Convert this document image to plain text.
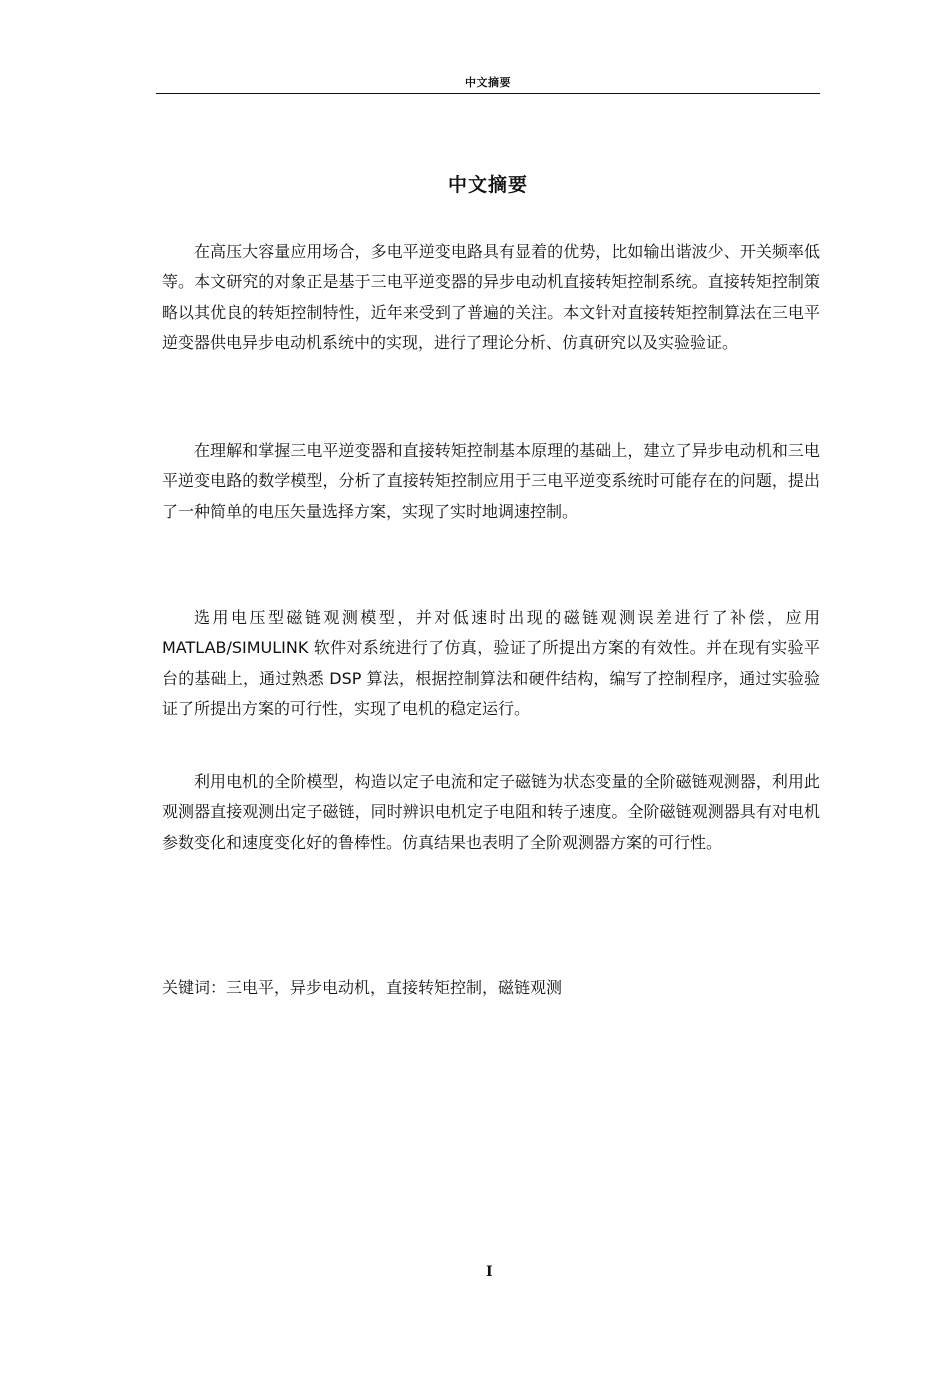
中文摘要
中文摘要

在高压大容量应用场合，多电平逆变电路具有显着的优势，比如输出谐波少、开关频率低等。本文研究的对象正是基于三电平逆变器的异步电动机直接转矩控制系统。直接转矩控制策略以其优良的转矩控制特性，近年来受到了普遍的关注。本文针对直接转矩控制算法在三电平逆变器供电异步电动机系统中的实现，进行了理论分析、仿真研究以及实验验证。

在理解和掌握三电平逆变器和直接转矩控制基本原理的基础上，建立了异步电动机和三电平逆变电路的数学模型，分析了直接转矩控制应用于三电平逆变系统时可能存在的问题，提出了一种简单的电压矢量选择方案，实现了实时地调速控制。

选用电压型磁链观测模型，并对低速时出现的磁链观测误差进行了补偿，应用 MATLAB/SIMULINK 软件对系统进行了仿真，验证了所提出方案的有效性。并在现有实验平台的基础上，通过熟悉 DSP 算法，根据控制算法和硬件结构，编写了控制程序，通过实验验证了所提出方案的可行性，实现了电机的稳定运行。

利用电机的全阶模型，构造以定子电流和定子磁链为状态变量的全阶磁链观测器，利用此观测器直接观测出定子磁链，同时辨识电机定子电阻和转子速度。全阶磁链观测器具有对电机参数变化和速度变化好的鲁棒性。仿真结果也表明了全阶观测器方案的可行性。

关键词：三电平，异步电动机，直接转矩控制，磁链观测
I
